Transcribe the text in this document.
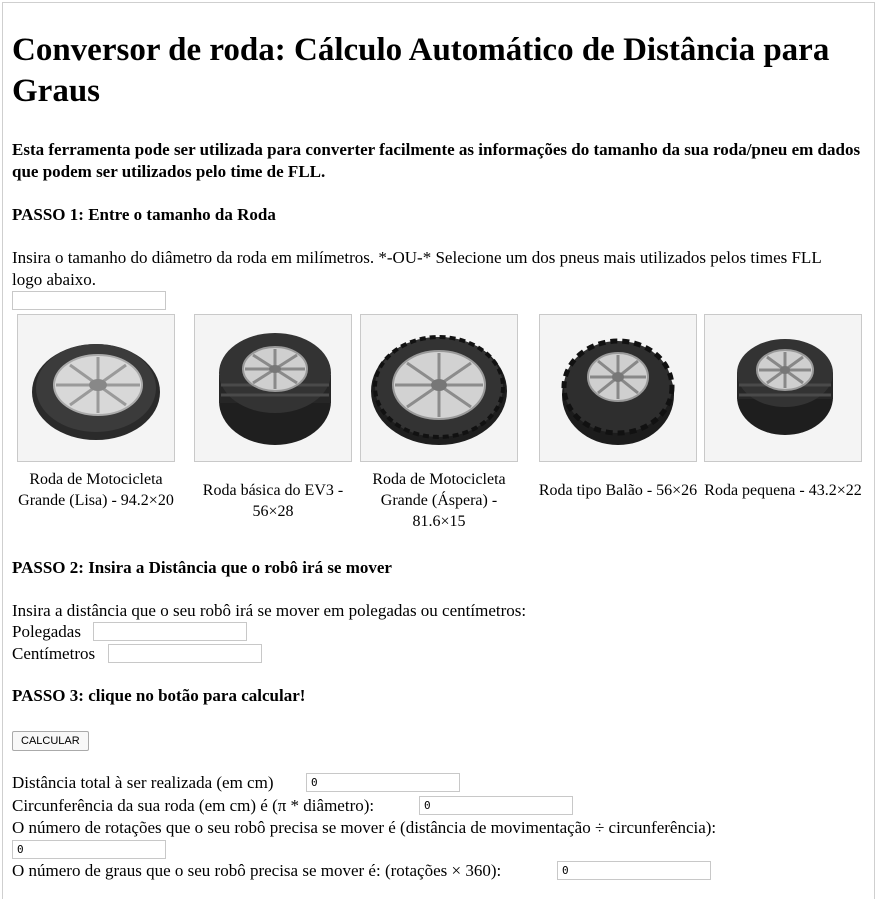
Conversor de roda: Cálculo Automático de Distância para Graus

Esta ferramenta pode ser utilizada para converter facilmente as informações do tamanho da sua roda/pneu em dados que podem ser utilizados pelo time de FLL.

PASSO 1: Entre o tamanho da Roda

Insira o tamanho do diâmetro da roda em milímetros. *-OU-* Selecione um dos pneus mais utilizados pelos times FLL logo abaixo.

Roda de Motocicleta Grande (Lisa) - 94.2×20
Roda básica do EV3 - 56×28
Roda de Motocicleta Grande (Áspera) - 81.6×15
Roda tipo Balão - 56×26 Roda pequena - 43.2×22

PASSO 2: Insira a Distância que o robô irá se mover

Insira a distância que o seu robô irá se mover em polegadas ou centímetros:

Polegadas
Centímetros

PASSO 3: clique no botão para calcular!

CALCULAR
Distância total à ser realizada (em cm)
0
Circunferência da sua roda (em cm) é (π * diâmetro):
0
O número de rotações que o seu robô precisa se mover é (distância de movimentação ÷ circunferência):
0
O número de graus que o seu robô precisa se mover é: (rotações × 360):
0
